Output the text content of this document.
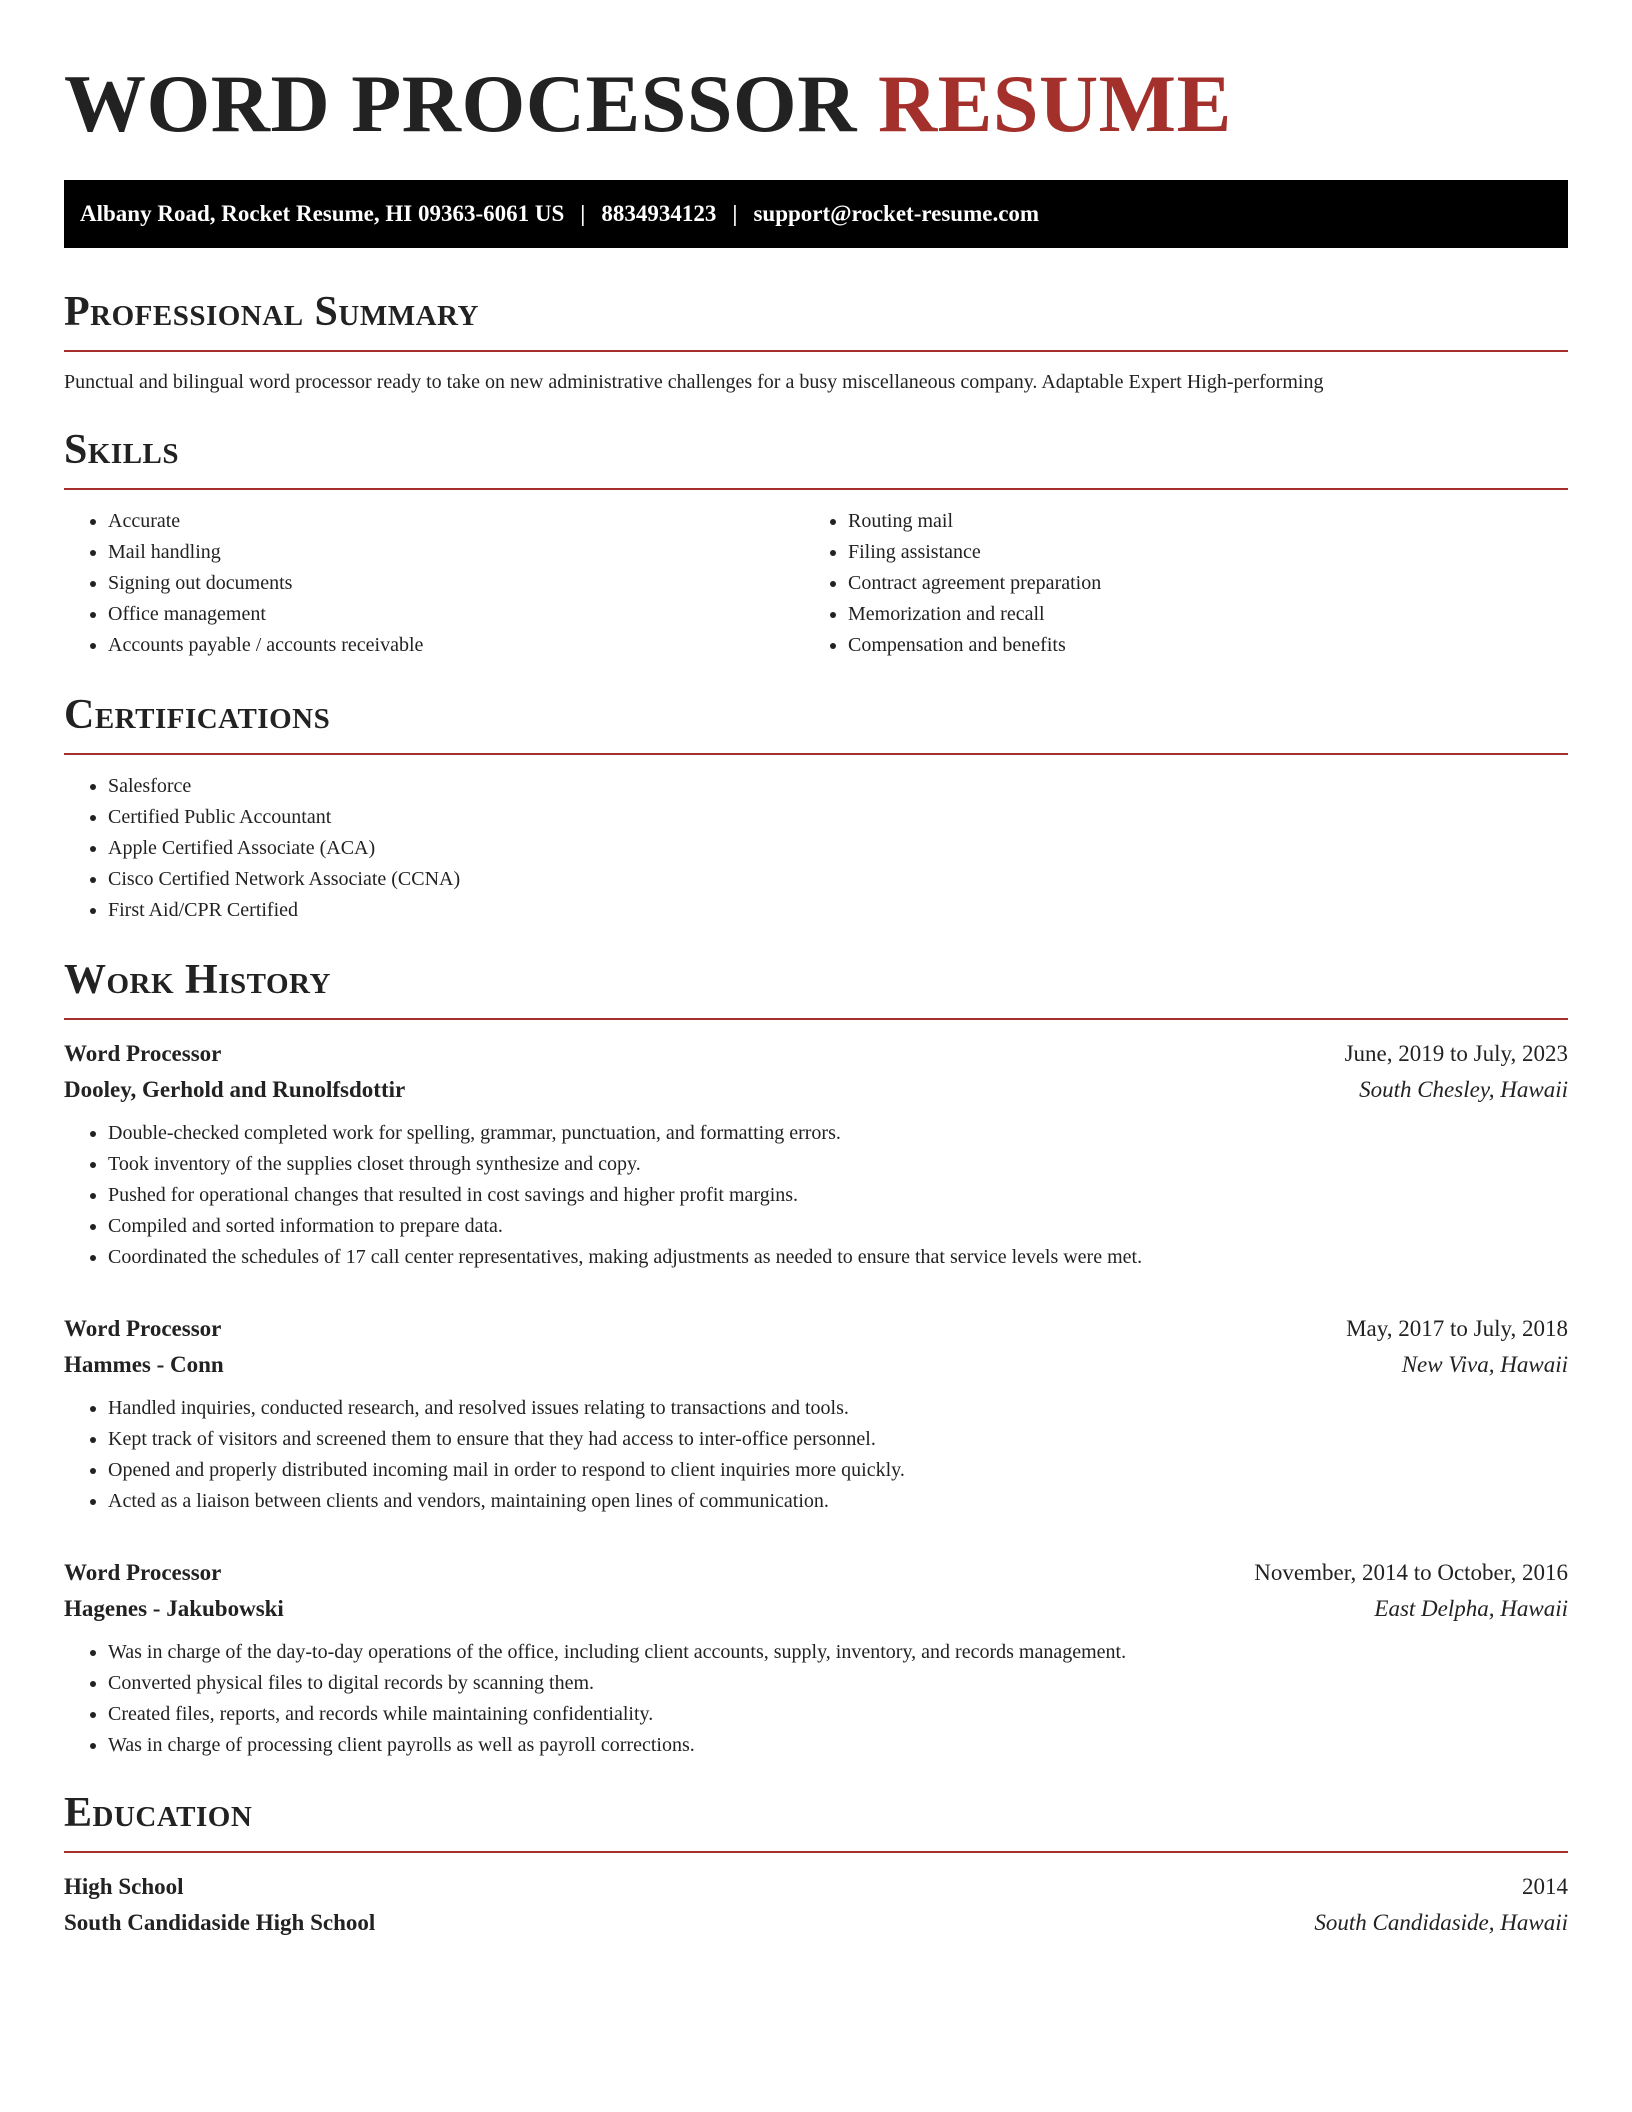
WORD PROCESSOR RESUME
Albany Road, Rocket Resume, HI 09363-6061 US | 8834934123 | support@rocket-resume.com
Professional Summary
Punctual and bilingual word processor ready to take on new administrative challenges for a busy miscellaneous company. Adaptable Expert High-performing
Skills
• Accurate
• Mail handling
• Signing out documents
• Office management
• Accounts payable / accounts receivable
• Routing mail
• Filing assistance
• Contract agreement preparation
• Memorization and recall
• Compensation and benefits
Certifications
• Salesforce
• Certified Public Accountant
• Apple Certified Associate (ACA)
• Cisco Certified Network Associate (CCNA)
• First Aid/CPR Certified
Work History
Word Processor	June, 2019 to July, 2023
Dooley, Gerhold and Runolfsdottir	South Chesley, Hawaii
• Double-checked completed work for spelling, grammar, punctuation, and formatting errors.
• Took inventory of the supplies closet through synthesize and copy.
• Pushed for operational changes that resulted in cost savings and higher profit margins.
• Compiled and sorted information to prepare data.
• Coordinated the schedules of 17 call center representatives, making adjustments as needed to ensure that service levels were met.
Word Processor	May, 2017 to July, 2018
Hammes - Conn	New Viva, Hawaii
• Handled inquiries, conducted research, and resolved issues relating to transactions and tools.
• Kept track of visitors and screened them to ensure that they had access to inter-office personnel.
• Opened and properly distributed incoming mail in order to respond to client inquiries more quickly.
• Acted as a liaison between clients and vendors, maintaining open lines of communication.
Word Processor	November, 2014 to October, 2016
Hagenes - Jakubowski	East Delpha, Hawaii
• Was in charge of the day-to-day operations of the office, including client accounts, supply, inventory, and records management.
• Converted physical files to digital records by scanning them.
• Created files, reports, and records while maintaining confidentiality.
• Was in charge of processing client payrolls as well as payroll corrections.
Education
High School	2014
South Candidaside High School	South Candidaside, Hawaii
